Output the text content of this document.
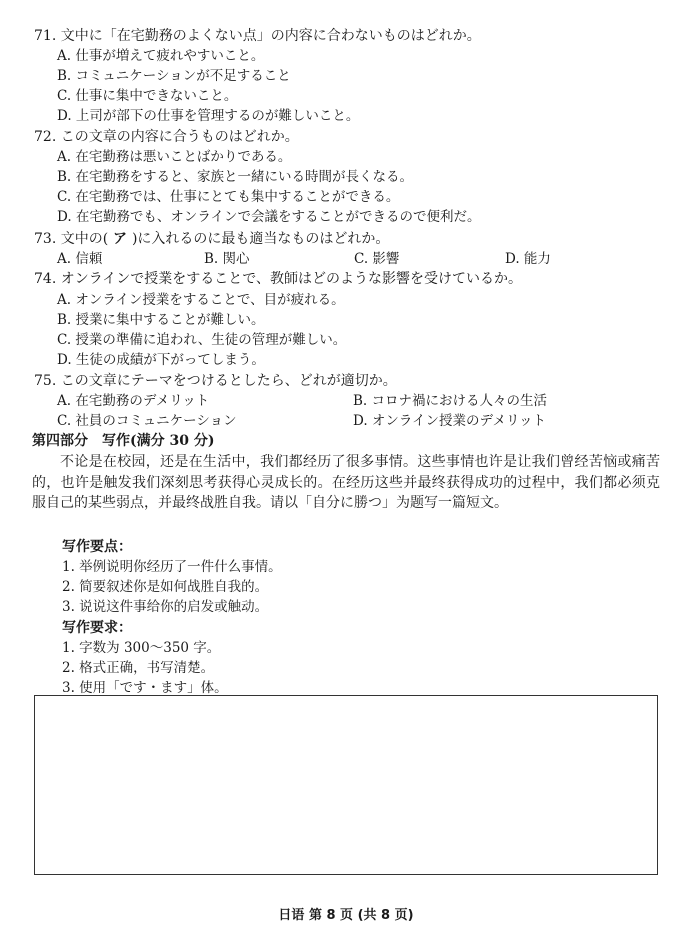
71. 文中に「在宅勤務のよくない点」の内容に合わないものはどれか。
A. 仕事が増えて疲れやすいこと。
B. コミュニケーションが不足すること
C. 仕事に集中できないこと。
D. 上司が部下の仕事を管理するのが難しいこと。
72. この文章の内容に合うものはどれか。
A. 在宅勤務は悪いことばかりである。
B. 在宅勤務をすると、家族と一緒にいる時間が長くなる。
C. 在宅勤務では、仕事にとても集中することができる。
D. 在宅勤務でも、オンラインで会議をすることができるので便利だ。
73. 文中の( ア )に入れるのに最も適当なものはどれか。
A. 信頼	B. 関心	C. 影響	D. 能力
74. オンラインで授業をすることで、教師はどのような影響を受けているか。
A. オンライン授業をすることで、目が疲れる。
B. 授業に集中することが難しい。
C. 授業の準備に追われ、生徒の管理が難しい。
D. 生徒の成績が下がってしまう。
75. この文章にテーマをつけるとしたら、どれが適切か。
A. 在宅勤務のデメリット	B. コロナ禍における人々の生活
C. 社員のコミュニケーション	D. オンライン授業のデメリット
第四部分　写作(满分 30 分)
不论是在校园，还是在生活中，我们都经历了很多事情。这些事情也许是让我们曾经苦恼或痛苦的，也许是触发我们深刻思考获得心灵成长的。在经历这些并最终获得成功的过程中，我们都必须克服自己的某些弱点，并最终战胜自我。请以「自分に勝つ」为题写一篇短文。
写作要点：
1. 举例说明你经历了一件什么事情。
2. 简要叙述你是如何战胜自我的。
3. 说说这件事给你的启发或触动。
写作要求：
1. 字数为 300～350 字。
2. 格式正确，书写清楚。
3. 使用「です・ます」体。
日语 第 8 页 (共 8 页)
